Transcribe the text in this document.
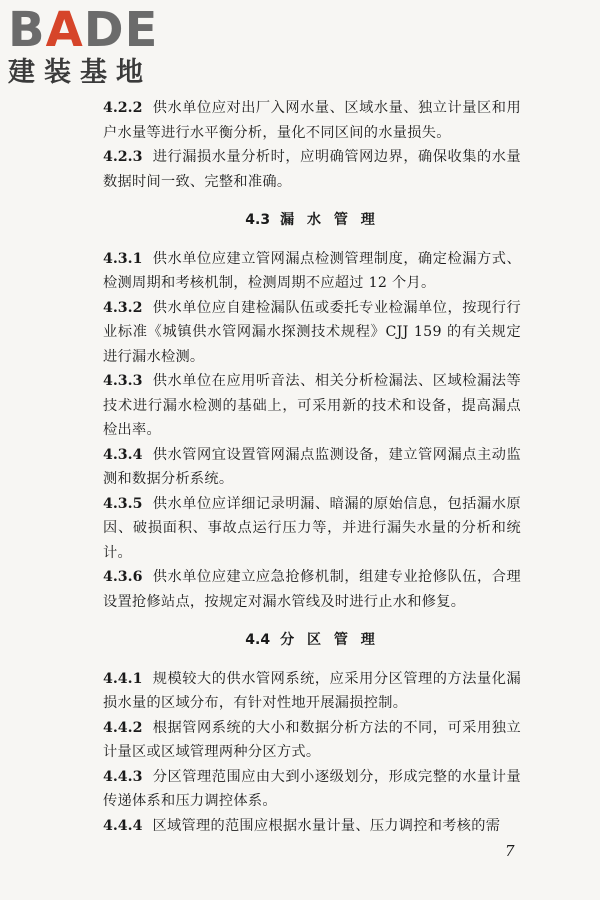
BADE
建装基地

4.2.2 供水单位应对出厂入网水量、区域水量、独立计量区和用户水量等进行水平衡分析，量化不同区间的水量损失。

4.2.3 进行漏损水量分析时，应明确管网边界，确保收集的水量数据时间一致、完整和准确。

4.3 漏 水 管 理

4.3.1 供水单位应建立管网漏点检测管理制度，确定检漏方式、检测周期和考核机制，检测周期不应超过 12 个月。

4.3.2 供水单位应自建检漏队伍或委托专业检漏单位，按现行行业标准《城镇供水管网漏水探测技术规程》CJJ 159 的有关规定进行漏水检测。

4.3.3 供水单位在应用听音法、相关分析检漏法、区域检漏法等技术进行漏水检测的基础上，可采用新的技术和设备，提高漏点检出率。

4.3.4 供水管网宜设置管网漏点监测设备，建立管网漏点主动监测和数据分析系统。

4.3.5 供水单位应详细记录明漏、暗漏的原始信息，包括漏水原因、破损面积、事故点运行压力等，并进行漏失水量的分析和统计。

4.3.6 供水单位应建立应急抢修机制，组建专业抢修队伍，合理设置抢修站点，按规定对漏水管线及时进行止水和修复。

4.4 分 区 管 理

4.4.1 规模较大的供水管网系统，应采用分区管理的方法量化漏损水量的区域分布，有针对性地开展漏损控制。

4.4.2 根据管网系统的大小和数据分析方法的不同，可采用独立计量区或区域管理两种分区方式。

4.4.3 分区管理范围应由大到小逐级划分，形成完整的水量计量传递体系和压力调控体系。

4.4.4 区域管理的范围应根据水量计量、压力调控和考核的需

7
